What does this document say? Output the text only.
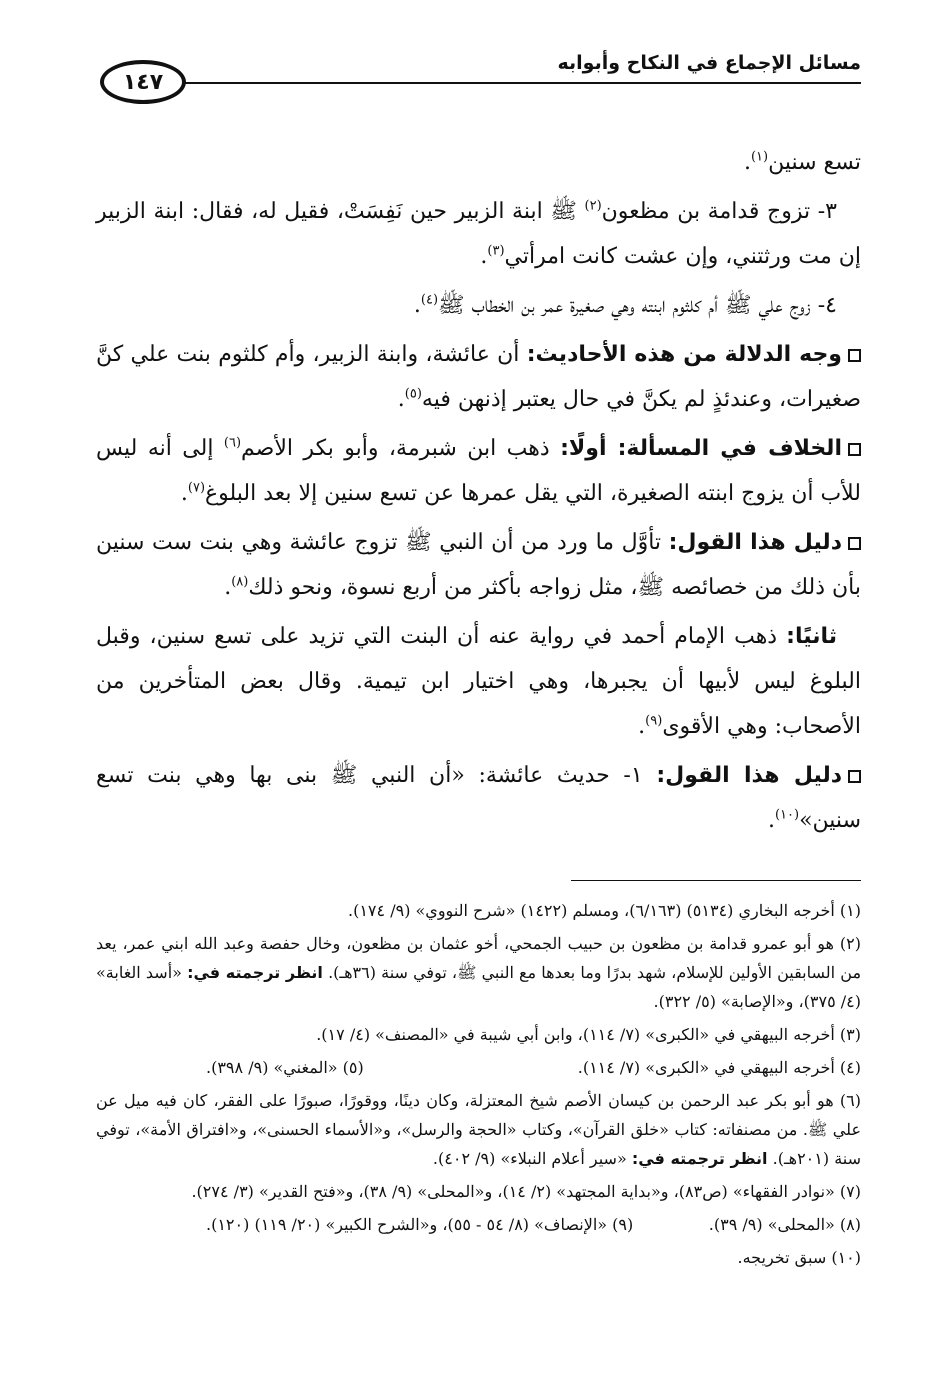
مسائل الإجماع في النكاح وأبوابه
١٤٧

تسع سنين$^{(١)}$.

٣- تزوج قدامة بن مظعون$^{(٢)}$ ﷺ ابنة الزبير حين نَفِسَتْ، فقيل له، فقال: ابنة الزبير إن مت ورثتني، وإن عشت كانت امرأتي$^{(٣)}$.

٤- زوج علي ﷺ أم كلثوم ابنته وهي صغيرة عمر بن الخطاب ﷺ$^{(٤)}$.

وجه الدلالة من هذه الأحاديث: أن عائشة، وابنة الزبير، وأم كلثوم بنت علي كنَّ صغيرات، وعندئذٍ لم يكنَّ في حال يعتبر إذنهن فيه$^{(٥)}$.

الخلاف في المسألة: أولًا: ذهب ابن شبرمة، وأبو بكر الأصم$^{(٦)}$ إلى أنه ليس للأب أن يزوج ابنته الصغيرة، التي يقل عمرها عن تسع سنين إلا بعد البلوغ$^{(٧)}$.

دليل هذا القول: تأوَّل ما ورد من أن النبي ﷺ تزوج عائشة وهي بنت ست سنين بأن ذلك من خصائصه ﷺ، مثل زواجه بأكثر من أربع نسوة، ونحو ذلك$^{(٨)}$.

ثانيًا: ذهب الإمام أحمد في رواية عنه أن البنت التي تزيد على تسع سنين، وقبل البلوغ ليس لأبيها أن يجبرها، وهي اختيار ابن تيمية. وقال بعض المتأخرين من الأصحاب: وهي الأقوى$^{(٩)}$.

دليل هذا القول: ١- حديث عائشة: «أن النبي ﷺ بنى بها وهي بنت تسع سنين»$^{(١٠)}$.

(١) أخرجه البخاري (٥١٣٤) (٦/١٦٣)، ومسلم (١٤٢٢) «شرح النووي» (٩/ ١٧٤).

(٢) هو أبو عمرو قدامة بن مظعون بن حبيب الجمحي، أخو عثمان بن مظعون، وخال حفصة وعبد الله ابني عمر، يعد من السابقين الأولين للإسلام، شهد بدرًا وما بعدها مع النبي ﷺ، توفي سنة (٣٦هـ). انظر ترجمته في: «أسد الغابة» (٤/ ٣٧٥)، و«الإصابة» (٥/ ٣٢٢).

(٣) أخرجه البيهقي في «الكبرى» (٧/ ١١٤)، وابن أبي شيبة في «المصنف» (٤/ ١٧).

(٤) أخرجه البيهقي في «الكبرى» (٧/ ١١٤).

(٥) «المغني» (٩/ ٣٩٨).

(٦) هو أبو بكر عبد الرحمن بن كيسان الأصم شيخ المعتزلة، وكان دينًا، ووقورًا، صبورًا على الفقر، كان فيه ميل عن علي ﷺ. من مصنفاته: كتاب «خلق القرآن»، وكتاب «الحجة والرسل»، و«الأسماء الحسنى»، و«افتراق الأمة»، توفي سنة (٢٠١هـ). انظر ترجمته في: «سير أعلام النبلاء» (٩/ ٤٠٢).

(٧) «نوادر الفقهاء» (ص٨٣)، و«بداية المجتهد» (٢/ ١٤)، و«المحلى» (٩/ ٣٨)، و«فتح القدير» (٣/ ٢٧٤).

(٨) «المحلى» (٩/ ٣٩).

(٩) «الإنصاف» (٨/ ٥٤ - ٥٥)، و«الشرح الكبير» (٢٠/ ١١٩) (١٢٠).

(١٠) سبق تخريجه.
